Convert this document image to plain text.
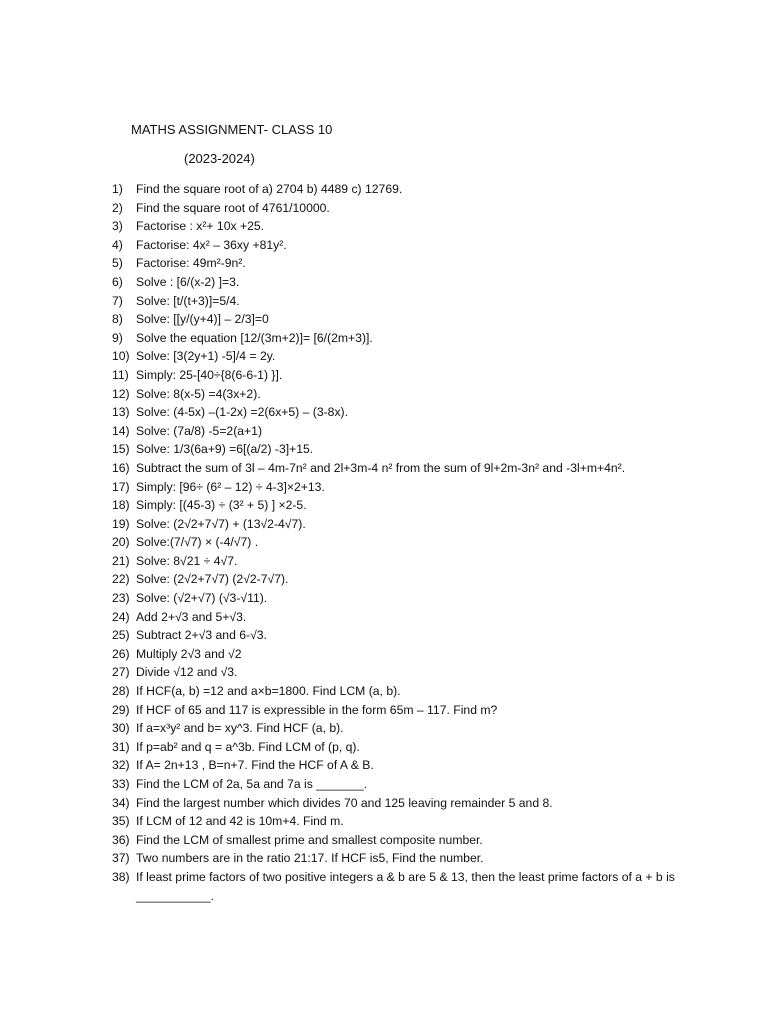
MATHS ASSIGNMENT- CLASS 10
(2023-2024)
1)	Find the square root of a) 2704 b) 4489 c) 12769.
2)	Find the square root of 4761/10000.
3)	Factorise : x²+ 10x +25.
4)	Factorise: 4x² – 36xy +81y².
5)	Factorise: 49m²-9n².
6)	Solve : [6/(x-2) ]=3.
7)	Solve: [t/(t+3)]=5/4.
8)	Solve: [[y/(y+4)] – 2/3]=0
9)	Solve the equation [12/(3m+2)]= [6/(2m+3)].
10) Solve: [3(2y+1) -5]/4 = 2y.
11) Simply: 25-[40÷{8(6-6-1) }].
12) Solve: 8(x-5) =4(3x+2).
13) Solve: (4-5x) –(1-2x) =2(6x+5) – (3-8x).
14) Solve: (7a/8) -5=2(a+1)
15) Solve: 1/3(6a+9) =6[(a/2) -3]+15.
16) Subtract the sum of 3l – 4m-7n² and 2l+3m-4 n² from the sum of 9l+2m-3n² and -3l+m+4n².
17) Simply: [96÷ (6² – 12) ÷ 4-3]×2+13.
18) Simply: [(45-3) ÷ (3² + 5) ] ×2-5.
19) Solve: (2√2+7√7) + (13√2-4√7).
20) Solve:(7/√7) × (-4/√7) .
21) Solve: 8√21 ÷ 4√7.
22) Solve: (2√2+7√7) (2√2-7√7).
23) Solve: (√2+√7) (√3-√11).
24) Add 2+√3 and 5+√3.
25) Subtract 2+√3 and 6-√3.
26) Multiply 2√3 and √2
27) Divide √12 and √3.
28) If HCF(a, b) =12 and a×b=1800. Find LCM (a, b).
29) If HCF of 65 and 117 is expressible in the form 65m – 117. Find m?
30) If a=x³y² and b= xy^3. Find HCF (a, b).
31) If p=ab² and q = a^3b. Find LCM of (p, q).
32) If A= 2n+13 , B=n+7. Find the HCF of A & B.
33) Find the LCM of 2a, 5a and 7a is _______.
34) Find the largest number which divides 70 and 125 leaving remainder 5 and 8.
35) If LCM of 12 and 42 is 10m+4. Find m.
36) Find the LCM of smallest prime and smallest composite number.
37) Two numbers are in the ratio 21:17. If HCF is5, Find the number.
38) If least prime factors of two positive integers a & b are 5 & 13, then the least prime factors of a + b is ___________.
